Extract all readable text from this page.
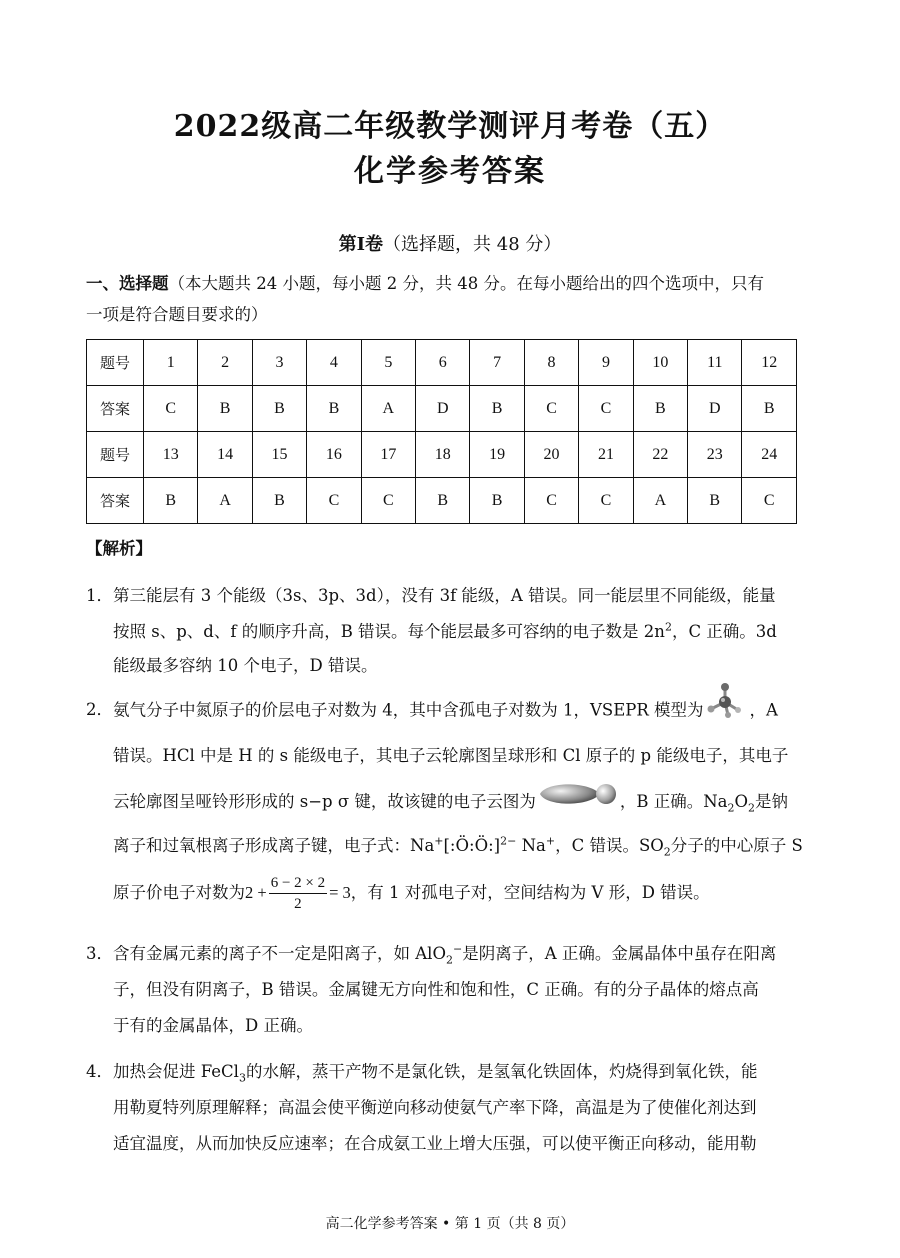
2022级高二年级教学测评月考卷（五）
化学参考答案
第Ⅰ卷（选择题，共 48 分）
一、选择题（本大题共 24 小题，每小题 2 分，共 48 分。在每小题给出的四个选项中，只有
一项是符合题目要求的）
题号	1	2	3	4	5	6	7	8	9	10	11	12
答案	C	B	B	B	A	D	B	C	C	B	D	B
题号	13	14	15	16	17	18	19	20	21	22	23	24
答案	B	A	B	C	C	B	B	C	C	A	B	C
【解析】
1． 第三能层有 3 个能级（3s、3p、3d），没有 3f 能级，A 错误。同一能层里不同能级，能量
按照 s、p、d、f 的顺序升高，B 错误。每个能层最多可容纳的电子数是 $2n^2$，C 正确。3d
能级最多容纳 10 个电子，D 错误。
2． 氨气分子中氮原子的价层电子对数为 4，其中含孤电子对数为 1，VSEPR 模型为	，A
错误。HCl 中是 H 的 s 能级电子，其电子云轮廓图呈球形和 Cl 原子的 p 能级电子，其电子
云轮廓图呈哑铃形形成的 s−p σ 键，故该键的电子云图为	，B 正确。$Na_2O_2$是钠
离子和过氧根离子形成离子键，电子式：Na+[:Ö:Ö:]$^{2-}$ Na+，C 错误。$SO_2$分子的中心原子 S
原子价电子对数为$2 + \frac{6 - 2 \times 2}{2} = 3$，有 1 对孤电子对，空间结构为 V 形，D 错误。
3． 含有金属元素的离子不一定是阳离子，如 AlO$_2$−是阴离子，A 正确。金属晶体中虽存在阳离
子，但没有阴离子，B 错误。金属键无方向性和饱和性，C 正确。有的分子晶体的熔点高
于有的金属晶体，D 正确。
4． 加热会促进 FeCl$_3$的水解，蒸干产物不是氯化铁，是氢氧化铁固体，灼烧得到氧化铁，能
用勒夏特列原理解释；高温会使平衡逆向移动使氨气产率下降，高温是为了使催化剂达到
适宜温度，从而加快反应速率；在合成氨工业上增大压强，可以使平衡正向移动，能用勒
高二化学参考答案 • 第 1 页（共 8 页）
